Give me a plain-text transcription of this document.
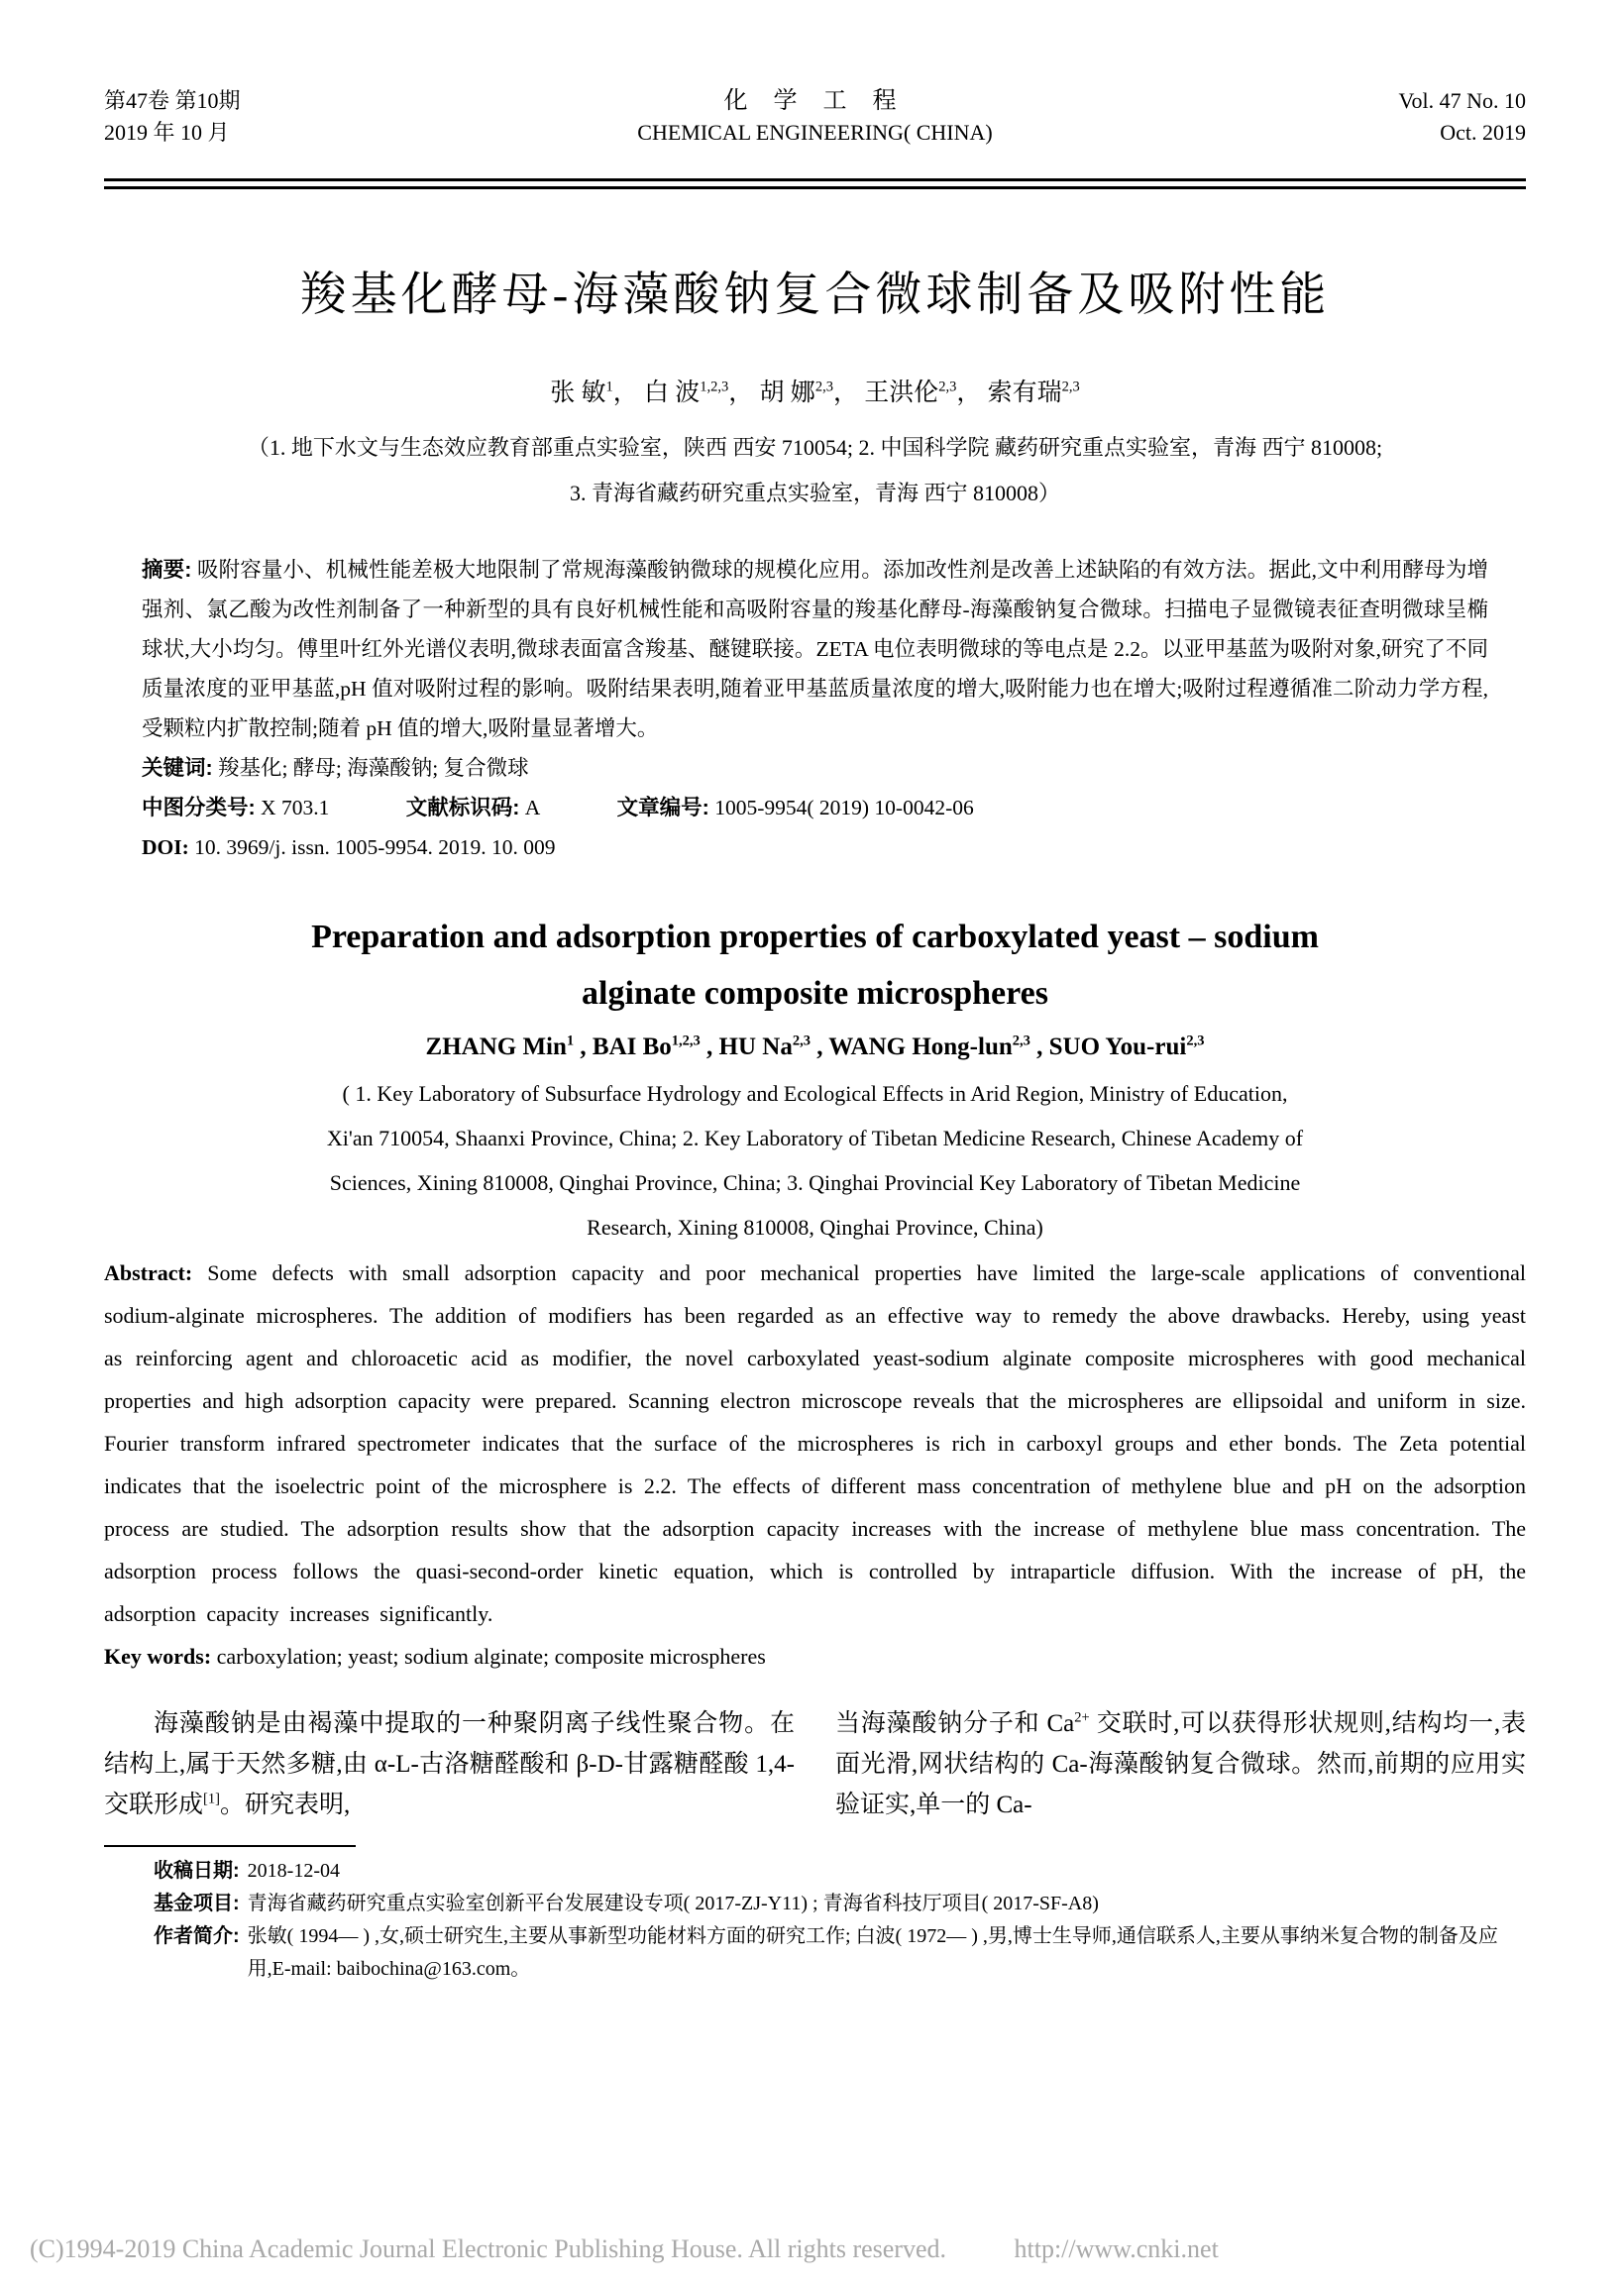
第47卷 第10期
2019 年 10 月
化 学 工 程
CHEMICAL ENGINEERING( CHINA)
Vol. 47 No. 10
Oct. 2019
羧基化酵母-海藻酸钠复合微球制备及吸附性能
张 敏$^1$， 白 波$^{1,2,3}$， 胡 娜$^{2,3}$， 王洪伦$^{2,3}$， 索有瑞$^{2,3}$
（1. 地下水文与生态效应教育部重点实验室，陕西 西安 710054; 2. 中国科学院 藏药研究重点实验室，青海 西宁 810008;
3. 青海省藏药研究重点实验室，青海 西宁 810008）
摘要: 吸附容量小、机械性能差极大地限制了常规海藻酸钠微球的规模化应用。添加改性剂是改善上述缺陷的有效方法。据此,文中利用酵母为增强剂、氯乙酸为改性剂制备了一种新型的具有良好机械性能和高吸附容量的羧基化酵母-海藻酸钠复合微球。扫描电子显微镜表征查明微球呈椭球状,大小均匀。傅里叶红外光谱仪表明,微球表面富含羧基、醚键联接。ZETA 电位表明微球的等电点是 2.2。以亚甲基蓝为吸附对象,研究了不同质量浓度的亚甲基蓝,pH 值对吸附过程的影响。吸附结果表明,随着亚甲基蓝质量浓度的增大,吸附能力也在增大;吸附过程遵循准二阶动力学方程,受颗粒内扩散控制;随着 pH 值的增大,吸附量显著增大。
关键词: 羧基化; 酵母; 海藻酸钠; 复合微球
中图分类号: X 703.1	文献标识码: A	文章编号: 1005-9954( 2019) 10-0042-06
DOI: 10. 3969/j. issn. 1005-9954. 2019. 10. 009
Preparation and adsorption properties of carboxylated yeast – sodium
alginate composite microspheres
ZHANG Min$^1$ , BAI Bo$^{1,2,3}$ , HU Na$^{2,3}$ , WANG Hong-lun$^{2,3}$ , SUO You-rui$^{2,3}$
( 1. Key Laboratory of Subsurface Hydrology and Ecological Effects in Arid Region, Ministry of Education,
Xi'an 710054, Shaanxi Province, China; 2. Key Laboratory of Tibetan Medicine Research, Chinese Academy of
Sciences, Xining 810008, Qinghai Province, China; 3. Qinghai Provincial Key Laboratory of Tibetan Medicine
Research, Xining 810008, Qinghai Province, China)
Abstract: Some defects with small adsorption capacity and poor mechanical properties have limited the large-scale applications of conventional sodium-alginate microspheres. The addition of modifiers has been regarded as an effective way to remedy the above drawbacks. Hereby, using yeast as reinforcing agent and chloroacetic acid as modifier, the novel carboxylated yeast-sodium alginate composite microspheres with good mechanical properties and high adsorption capacity were prepared. Scanning electron microscope reveals that the microspheres are ellipsoidal and uniform in size. Fourier transform infrared spectrometer indicates that the surface of the microspheres is rich in carboxyl groups and ether bonds. The Zeta potential indicates that the isoelectric point of the microsphere is 2.2. The effects of different mass concentration of methylene blue and pH on the adsorption process are studied. The adsorption results show that the adsorption capacity increases with the increase of methylene blue mass concentration. The adsorption process follows the quasi-second-order kinetic equation, which is controlled by intraparticle diffusion. With the increase of pH, the adsorption capacity increases significantly.
Key words: carboxylation; yeast; sodium alginate; composite microspheres

海藻酸钠是由褐藻中提取的一种聚阴离子线性聚合物。在结构上,属于天然多糖,由 α-L-古洛糖醛酸和 β-D-甘露糖醛酸 1,4-交联形成[1]。研究表明,

当海藻酸钠分子和 $Ca^{2+}$ 交联时,可以获得形状规则,结构均一,表面光滑,网状结构的 Ca-海藻酸钠复合微球。然而,前期的应用实验证实,单一的 Ca-

收稿日期: 2018-12-04
基金项目: 青海省藏药研究重点实验室创新平台发展建设专项( 2017-ZJ-Y11) ; 青海省科技厅项目( 2017-SF-A8)
作者简介: 张敏( 1994— ) ,女,硕士研究生,主要从事新型功能材料方面的研究工作; 白波( 1972— ) ,男,博士生导师,通信联系人,主要从事纳米复合物的制备及应用,E-mail: baibochina@163.com。
(C)1994-2019 China Academic Journal Electronic Publishing House. All rights reserved.	http://www.cnki.net
